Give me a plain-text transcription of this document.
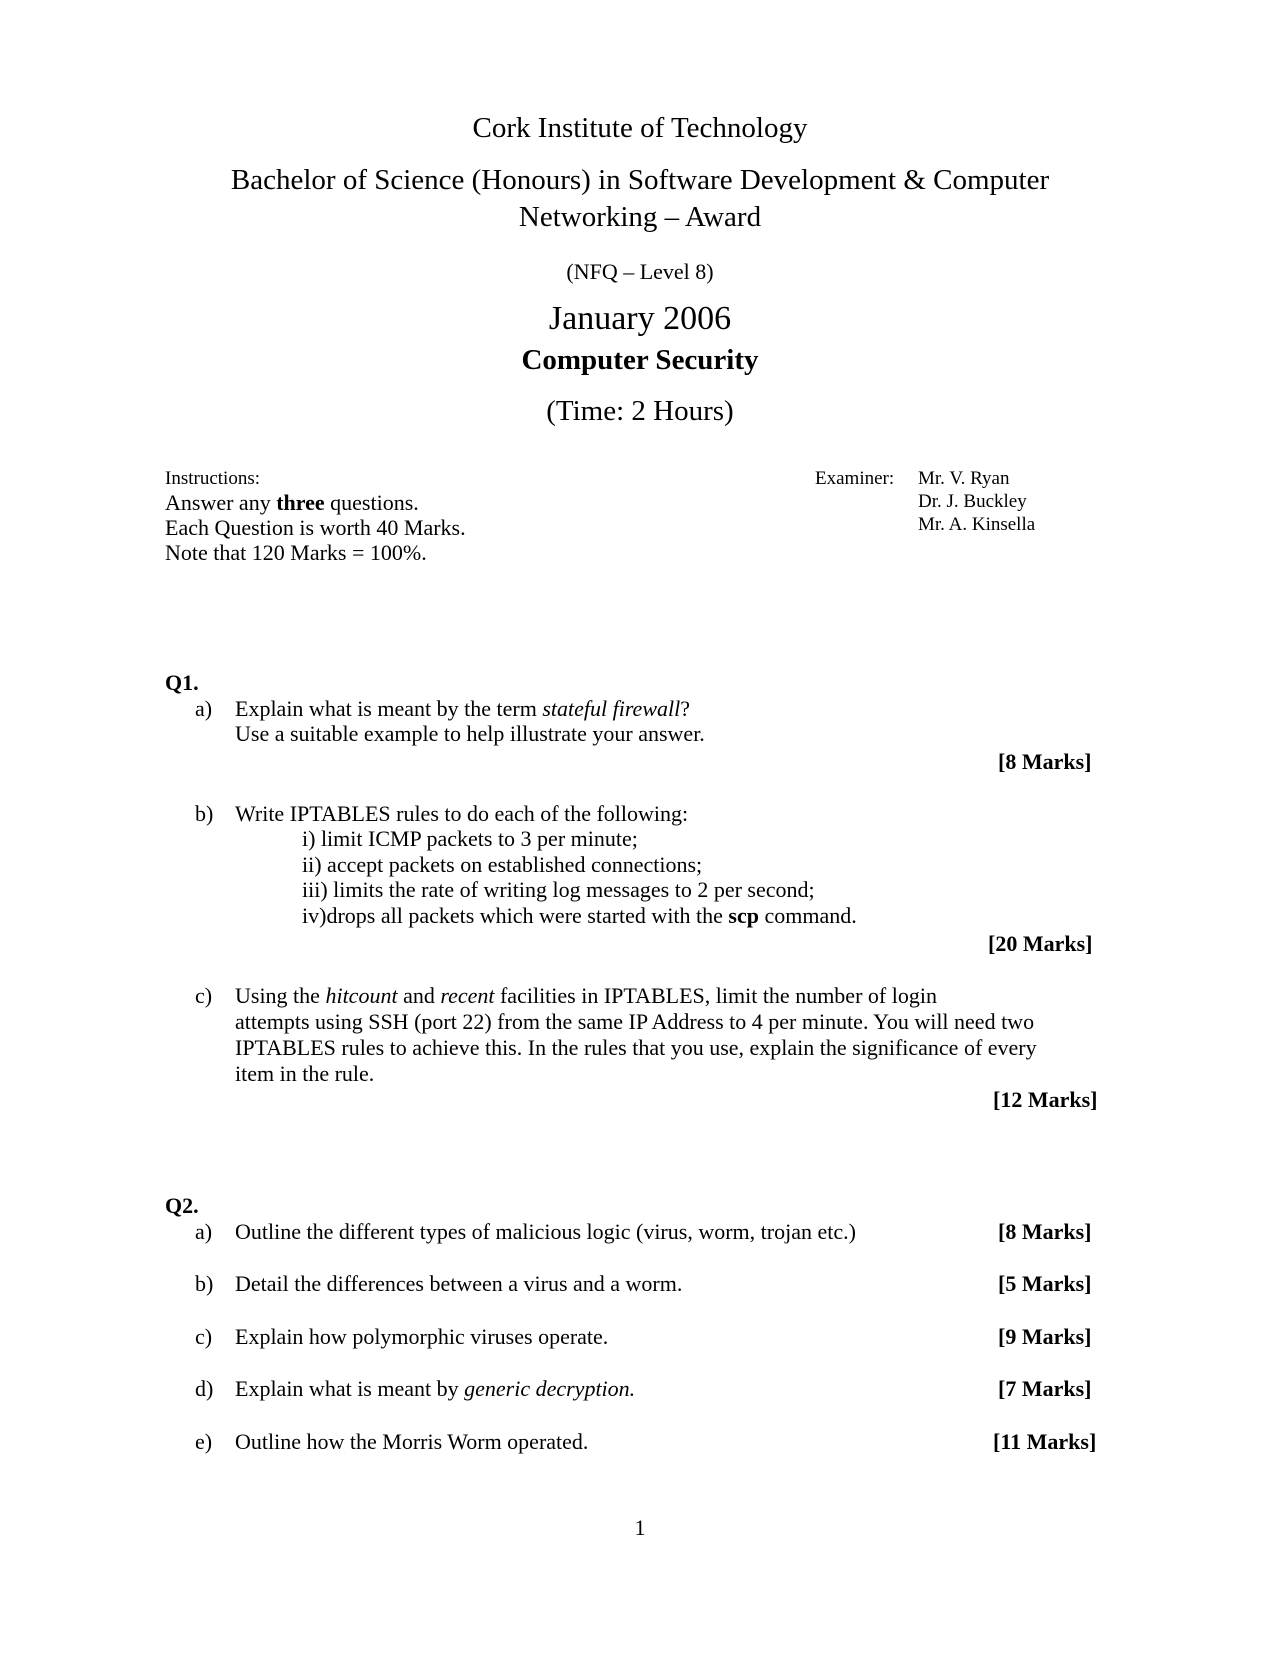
Cork Institute of Technology
Bachelor of Science (Honours) in Software Development & Computer
Networking – Award
(NFQ – Level 8)
January 2006
Computer Security
(Time: 2 Hours)
Instructions:
Answer any three questions.
Each Question is worth 40 Marks.
Note that 120 Marks = 100%.
Examiner: Mr. V. Ryan
Dr. J. Buckley
Mr. A. Kinsella
Q1.
a) Explain what is meant by the term stateful firewall?
Use a suitable example to help illustrate your answer.
[8 Marks]
b) Write IPTABLES rules to do each of the following:
i) limit ICMP packets to 3 per minute;
ii) accept packets on established connections;
iii) limits the rate of writing log messages to 2 per second;
iv)drops all packets which were started with the scp command.
[20 Marks]
c) Using the hitcount and recent facilities in IPTABLES, limit the number of login
attempts using SSH (port 22) from the same IP Address to 4 per minute. You will need two
IPTABLES rules to achieve this. In the rules that you use, explain the significance of every
item in the rule.
[12 Marks]
Q2.
a) Outline the different types of malicious logic (virus, worm, trojan etc.)	[8 Marks]
b) Detail the differences between a virus and a worm.	[5 Marks]
c) Explain how polymorphic viruses operate.	[9 Marks]
d) Explain what is meant by generic decryption.	[7 Marks]
e) Outline how the Morris Worm operated.	[11 Marks]
1
